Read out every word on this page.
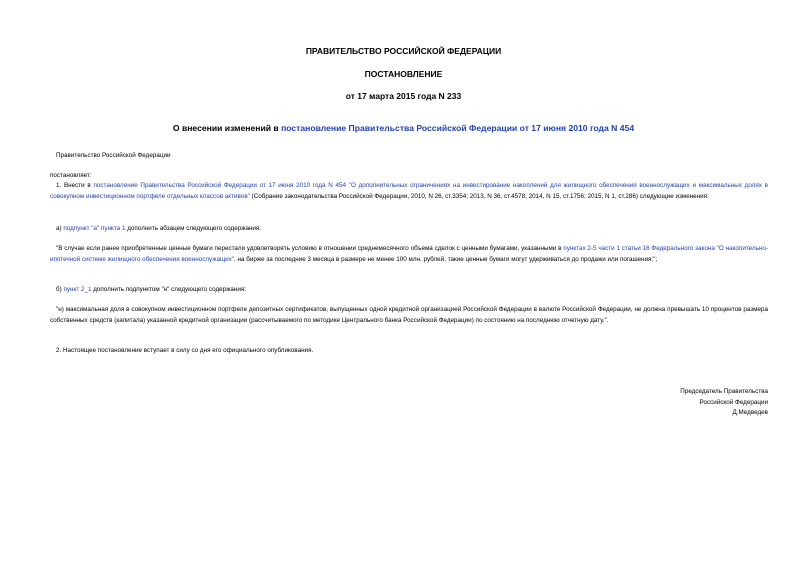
ПРАВИТЕЛЬСТВО РОССИЙСКОЙ ФЕДЕРАЦИИ
ПОСТАНОВЛЕНИЕ
от 17 марта 2015 года N 233
О внесении изменений в постановление Правительства Российской Федерации от 17 июня 2010 года N 454
Правительство Российской Федерации
постановляет:
1. Внести в постановление Правительства Российской Федерации от 17 июня 2010 года N 454 "О дополнительных ограничениях на инвестирование накоплений для жилищного обеспечения военнослужащих и максимальных долях в совокупном инвестиционном портфеле отдельных классов активов" (Собрание законодательства Российской Федерации, 2010, N 26, ст.3354; 2013, N 36, ст.4578; 2014, N 15, ст.1756; 2015, N 1, ст.286) следующие изменения:
а) подпункт "а" пункта 1 дополнить абзацем следующего содержания:
"В случае если ранее приобретенные ценные бумаги перестали удовлетворять условию в отношении среднемесячного объема сделок с ценными бумагами, указанными в пунктах 2-5 части 1 статьи 16 Федерального закона "О накопительно-ипотечной системе жилищного обеспечения военнослужащих", на бирже за последние 3 месяца в размере не менее 100 млн. рублей, такие ценные бумаги могут удерживаться до продажи или погашения;";
б) пункт 2_1 дополнить подпунктом "н" следующего содержания:
"н) максимальная доля в совокупном инвестиционном портфеле депозитных сертификатов, выпущенных одной кредитной организацией Российской Федерации в валюте Российской Федерации, не должна превышать 10 процентов размера собственных средств (капитала) указанной кредитной организации (рассчитываемого по методике Центрального банка Российской Федерации) по состоянию на последнюю отчетную дату.".
2. Настоящее постановление вступает в силу со дня его официального опубликования.
Председатель Правительства
Российской Федерации
Д.Медведев
